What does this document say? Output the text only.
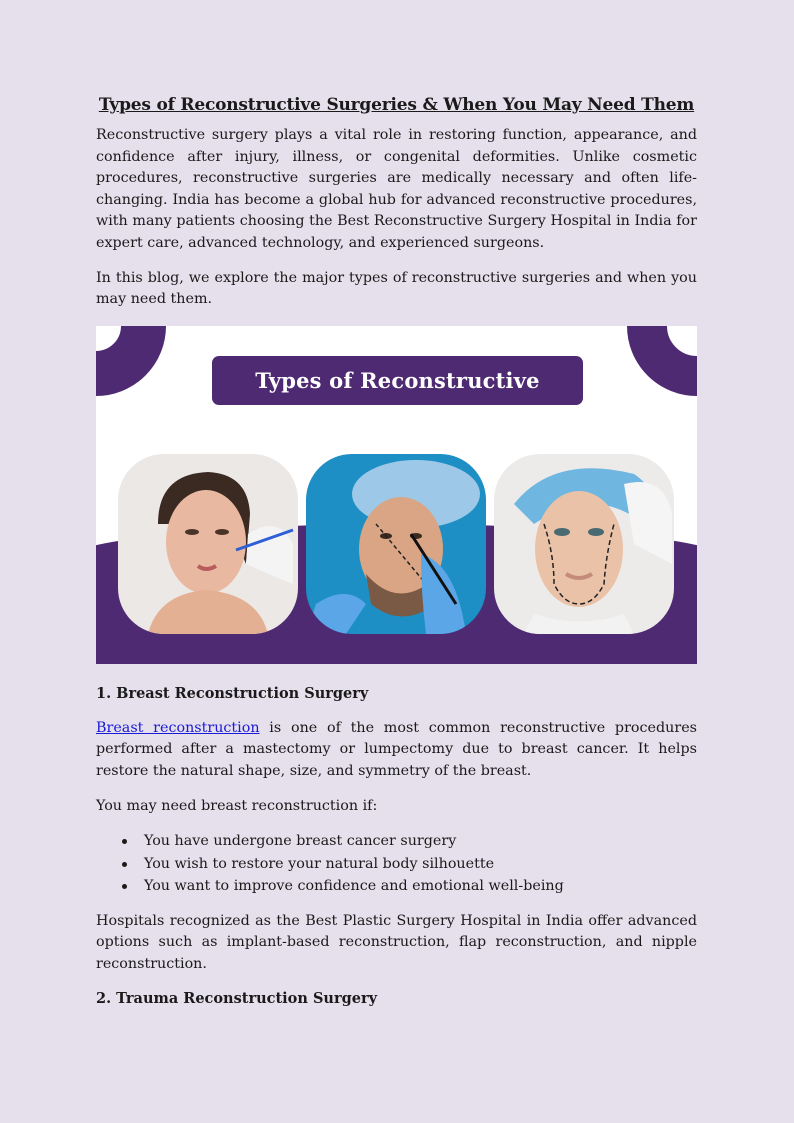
Types of Reconstructive Surgeries & When You May Need Them

Reconstructive surgery plays a vital role in restoring function, appearance, and confidence after injury, illness, or congenital deformities. Unlike cosmetic procedures, reconstructive surgeries are medically necessary and often life-changing. India has become a global hub for advanced reconstructive procedures, with many patients choosing the Best Reconstructive Surgery Hospital in India for expert care, advanced technology, and experienced surgeons.

In this blog, we explore the major types of reconstructive surgeries and when you may need them.

Types of Reconstructive Surgeries
1. Breast Reconstruction Surgery

Breast reconstruction is one of the most common reconstructive procedures performed after a mastectomy or lumpectomy due to breast cancer. It helps restore the natural shape, size, and symmetry of the breast.

You may need breast reconstruction if:

You have undergone breast cancer surgery
You wish to restore your natural body silhouette
You want to improve confidence and emotional well-being

Hospitals recognized as the Best Plastic Surgery Hospital in India offer advanced options such as implant-based reconstruction, flap reconstruction, and nipple reconstruction.

2. Trauma Reconstruction Surgery
